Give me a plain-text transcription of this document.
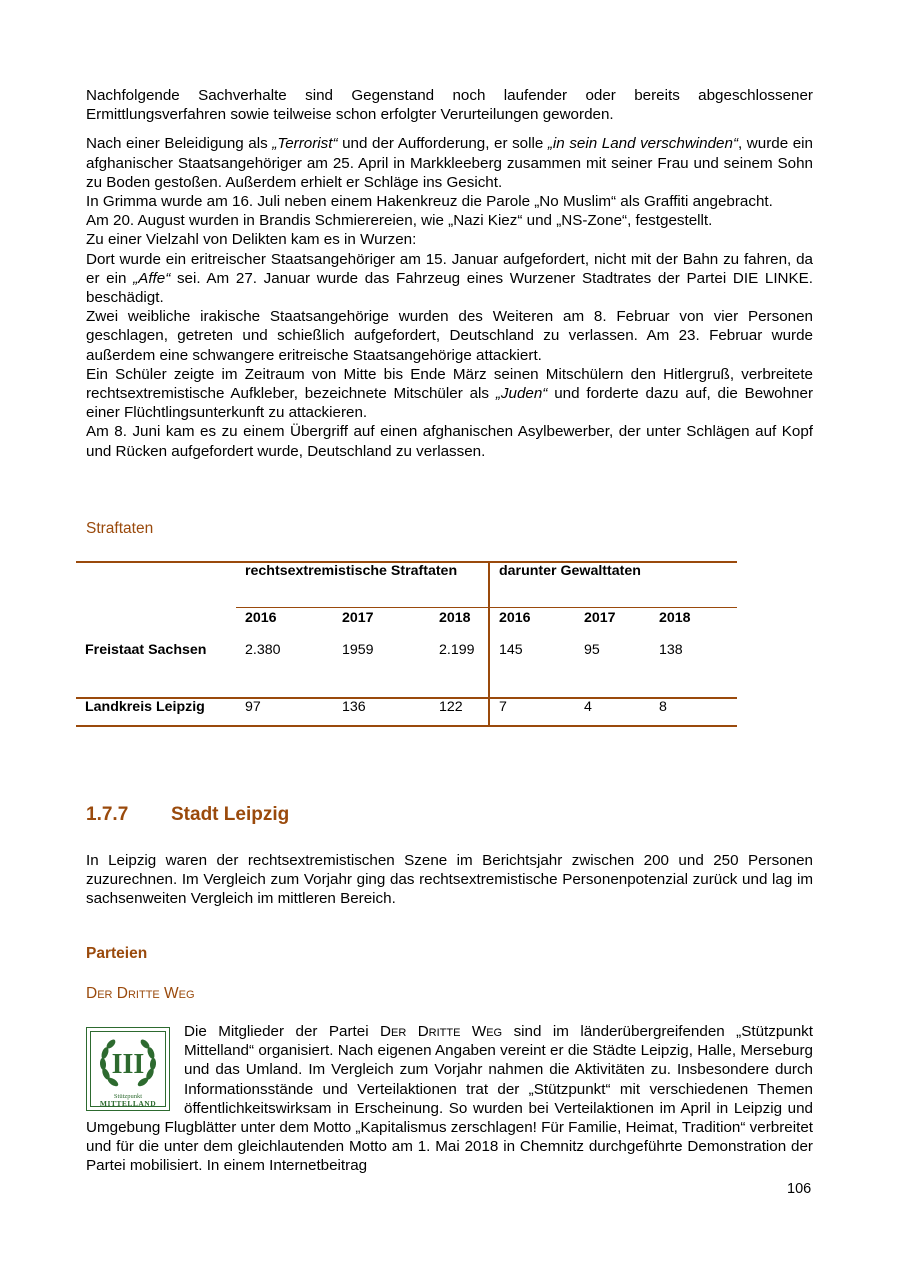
Nachfolgende Sachverhalte sind Gegenstand noch laufender oder bereits abgeschlossener Ermittlungsverfahren sowie teilweise schon erfolgter Verurteilungen geworden.

Nach einer Beleidigung als „Terrorist“ und der Aufforderung, er solle „in sein Land verschwinden“, wurde ein afghanischer Staatsangehöriger am 25. April in Markkleeberg zusammen mit seiner Frau und seinem Sohn zu Boden gestoßen. Außerdem erhielt er Schläge ins Gesicht.

In Grimma wurde am 16. Juli neben einem Hakenkreuz die Parole „No Muslim“ als Graffiti angebracht.

Am 20. August wurden in Brandis Schmierereien, wie „Nazi Kiez“ und „NS-Zone“, festgestellt.

Zu einer Vielzahl von Delikten kam es in Wurzen:

Dort wurde ein eritreischer Staatsangehöriger am 15. Januar aufgefordert, nicht mit der Bahn zu fahren, da er ein „Affe“ sei. Am 27. Januar wurde das Fahrzeug eines Wurzener Stadtrates der Partei DIE LINKE. beschädigt.

Zwei weibliche irakische Staatsangehörige wurden des Weiteren am 8. Februar von vier Personen geschlagen, getreten und schießlich aufgefordert, Deutschland zu verlassen. Am 23. Februar wurde außerdem eine schwangere eritreische Staatsangehörige attackiert.

Ein Schüler zeigte im Zeitraum von Mitte bis Ende März seinen Mitschülern den Hitlergruß, verbreitete rechtsextremistische Aufkleber, bezeichnete Mitschüler als „Juden“ und forderte dazu auf, die Bewohner einer Flüchtlingsunterkunft zu attackieren.

Am 8. Juni kam es zu einem Übergriff auf einen afghanischen Asylbewerber, der unter Schlägen auf Kopf und Rücken aufgefordert wurde, Deutschland zu verlassen.

Straftaten
	rechtsextremistische Straftaten			darunter Gewalttaten		
	2016	2017	2018	2016	2017	2018
Freistaat Sachsen	2.380	1959	2.199	145	95	138
Landkreis Leipzig	97	136	122	7	4	8
1.7.7 Stadt Leipzig

In Leipzig waren der rechtsextremistischen Szene im Berichtsjahr zwischen 200 und 250 Personen zuzurechnen. Im Vergleich zum Vorjahr ging das rechtsextremistische Personenpotenzial zurück und lag im sachsenweiten Vergleich im mittleren Bereich.

Parteien
Der Dritte Weg
III
Stützpunkt
MITTELLAND

Die Mitglieder der Partei Der Dritte Weg sind im länderübergreifenden „Stützpunkt Mittelland“ organisiert. Nach eigenen Angaben vereint er die Städte Leipzig, Halle, Merseburg und das Umland. Im Vergleich zum Vorjahr nahmen die Aktivitäten zu. Insbesondere durch Informationsstände und Verteilaktionen trat der „Stützpunkt“ mit verschiedenen Themen öffentlichkeitswirksam in Erscheinung. So wurden bei Verteilaktionen im April in Leipzig und Umgebung Flugblätter unter dem Motto „Kapitalismus zerschlagen! Für Familie, Heimat, Tradition“ verbreitet und für die unter dem gleichlautenden Motto am 1. Mai 2018 in Chemnitz durchgeführte Demonstration der Partei mobilisiert. In einem Internetbeitrag

106
